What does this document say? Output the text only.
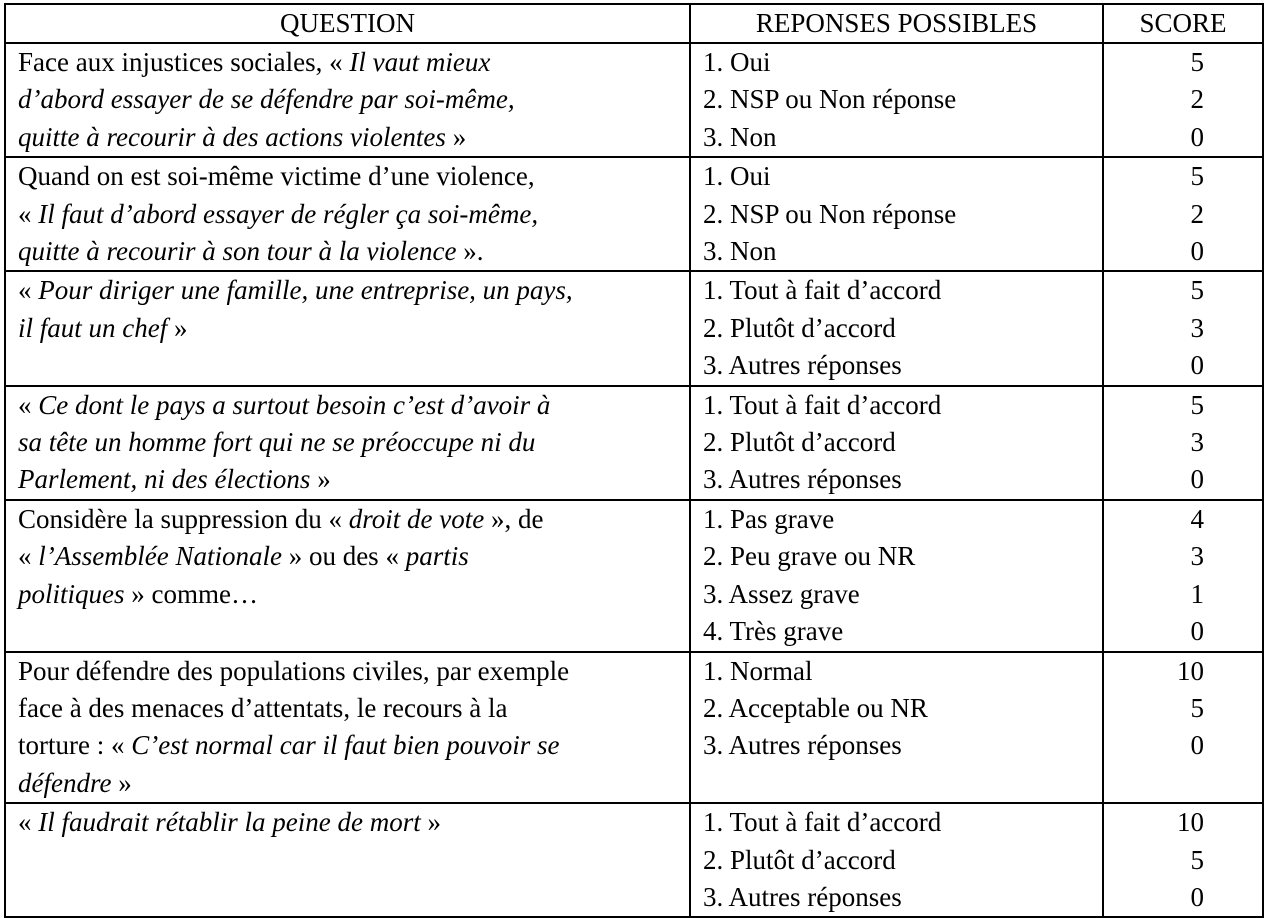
QUESTION	REPONSES POSSIBLES	SCORE

Face aux injustices sociales, « Il vaut mieux
d’abord essayer de se défendre par soi-même,
quitte à recourir à des actions violentes »	1. Oui
2. NSP ou Non réponse
3. Non	5
2
0

Quand on est soi-même victime d’une violence,
« Il faut d’abord essayer de régler ça soi-même,
quitte à recourir à son tour à la violence ».	1. Oui
2. NSP ou Non réponse
3. Non	5
2
0

« Pour diriger une famille, une entreprise, un pays,
il faut un chef »	1. Tout à fait d’accord
2. Plutôt d’accord
3. Autres réponses	5
3
0

« Ce dont le pays a surtout besoin c’est d’avoir à
sa tête un homme fort qui ne se préoccupe ni du
Parlement, ni des élections »	1. Tout à fait d’accord
2. Plutôt d’accord
3. Autres réponses	5
3
0

Considère la suppression du « droit de vote », de
« l’Assemblée Nationale » ou des « partis
politiques » comme…	1. Pas grave
2. Peu grave ou NR
3. Assez grave
4. Très grave	4
3
1
0

Pour défendre des populations civiles, par exemple
face à des menaces d’attentats, le recours à la
torture : « C’est normal car il faut bien pouvoir se
défendre »	1. Normal
2. Acceptable ou NR
3. Autres réponses	10
5
0

« Il faudrait rétablir la peine de mort »	1. Tout à fait d’accord
2. Plutôt d’accord
3. Autres réponses	10
5
0
